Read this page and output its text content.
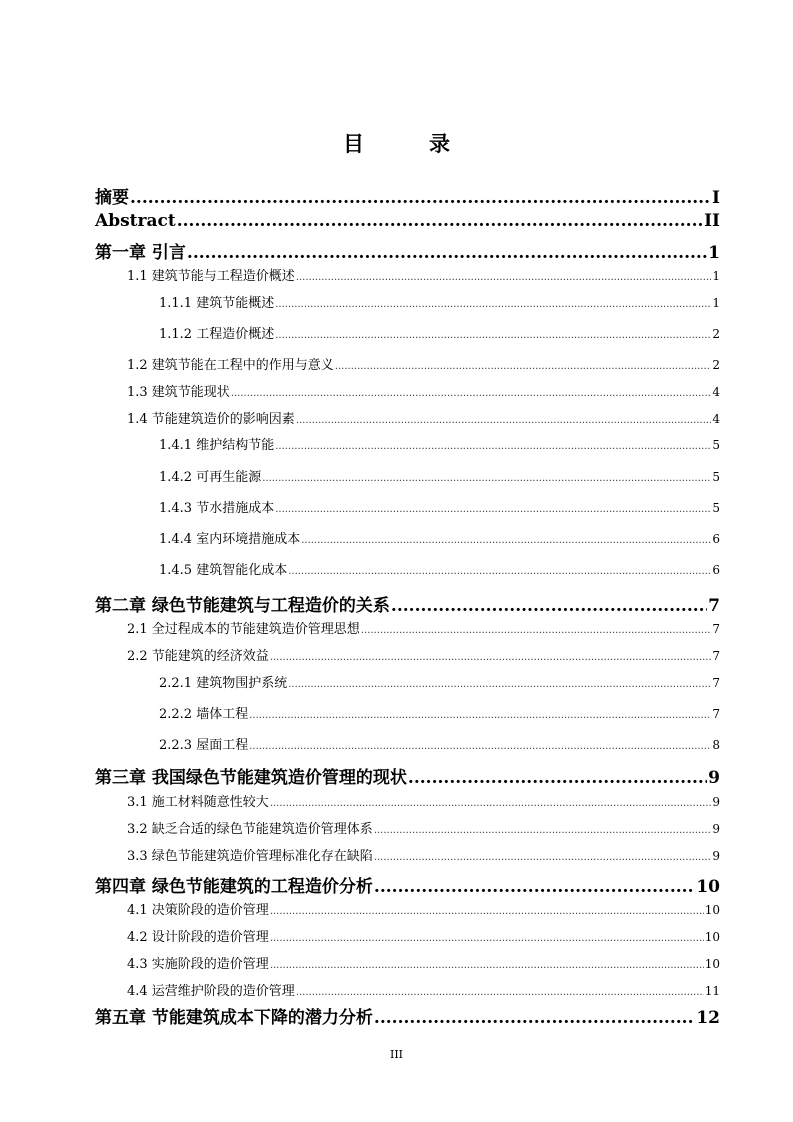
目　录
摘要 .....	I
Abstract .....	II
第一章 引言 .....	1
1.1 建筑节能与工程造价概述 .....	1
1.1.1 建筑节能概述 .....	1
1.1.2 工程造价概述 .....	2
1.2 建筑节能在工程中的作用与意义 .....	2
1.3 建筑节能现状 .....	4
1.4 节能建筑造价的影响因素 .....	4
1.4.1 维护结构节能 .....	5
1.4.2 可再生能源 .....	5
1.4.3 节水措施成本 .....	5
1.4.4 室内环境措施成本 .....	6
1.4.5 建筑智能化成本 .....	6
第二章 绿色节能建筑与工程造价的关系 .....	7
2.1 全过程成本的节能建筑造价管理思想 .....	7
2.2 节能建筑的经济效益 .....	7
2.2.1 建筑物围护系统 .....	7
2.2.2 墙体工程 .....	7
2.2.3 屋面工程 .....	8
第三章 我国绿色节能建筑造价管理的现状 .....	9
3.1 施工材料随意性较大 .....	9
3.2 缺乏合适的绿色节能建筑造价管理体系 .....	9
3.3 绿色节能建筑造价管理标准化存在缺陷 .....	9
第四章 绿色节能建筑的工程造价分析 .....	10
4.1 决策阶段的造价管理 .....	10
4.2 设计阶段的造价管理 .....	10
4.3 实施阶段的造价管理 .....	10
4.4 运营维护阶段的造价管理 .....	11
第五章 节能建筑成本下降的潜力分析 .....	12
III
